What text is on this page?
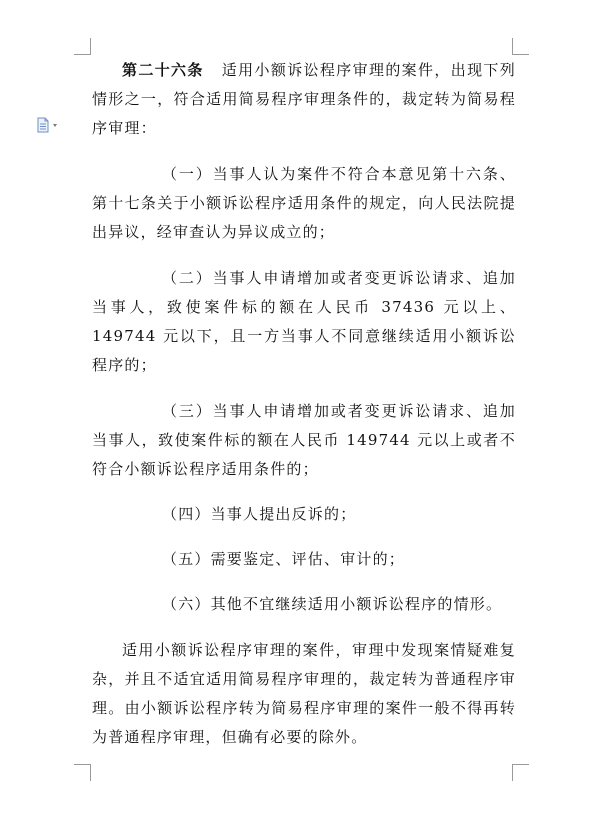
第二十六条 适用小额诉讼程序审理的案件，出现下列情形之一，符合适用简易程序审理条件的，裁定转为简易程序审理：

（一）当事人认为案件不符合本意见第十六条、第十七条关于小额诉讼程序适用条件的规定，向人民法院提出异议，经审查认为异议成立的；

（二）当事人申请增加或者变更诉讼请求、追加当事人，致使案件标的额在人民币 37436 元以上、149744 元以下，且一方当事人不同意继续适用小额诉讼程序的；

（三）当事人申请增加或者变更诉讼请求、追加当事人，致使案件标的额在人民币 149744 元以上或者不符合小额诉讼程序适用条件的；

（四）当事人提出反诉的；

（五）需要鉴定、评估、审计的；

（六）其他不宜继续适用小额诉讼程序的情形。

适用小额诉讼程序审理的案件，审理中发现案情疑难复杂，并且不适宜适用简易程序审理的，裁定转为普通程序审理。由小额诉讼程序转为简易程序审理的案件一般不得再转为普通程序审理，但确有必要的除外。
